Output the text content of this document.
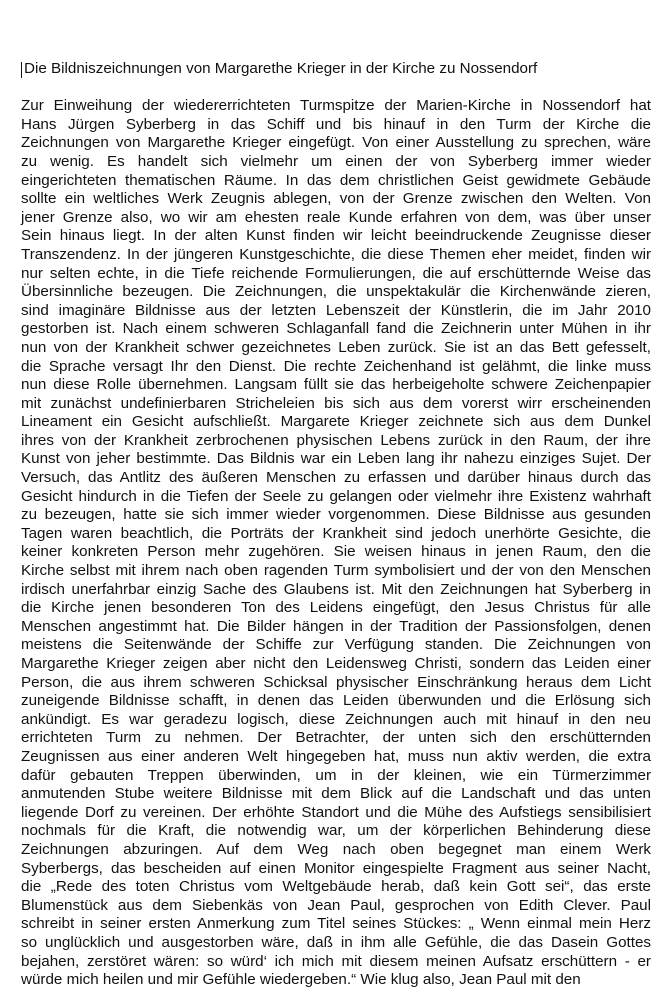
Die Bildniszeichnungen von Margarethe Krieger in der Kirche zu Nossendorf
Zur Einweihung der wiedererrichteten Turmspitze der Marien-Kirche in Nossendorf hat
Hans Jürgen Syberberg in das Schiff und bis hinauf in den Turm der Kirche die
Zeichnungen von Margarethe Krieger eingefügt. Von einer Ausstellung zu sprechen, wäre
zu wenig. Es handelt sich vielmehr um einen der von Syberberg immer wieder
eingerichteten thematischen Räume. In das dem christlichen Geist gewidmete Gebäude
sollte ein weltliches Werk Zeugnis ablegen, von der Grenze zwischen den Welten. Von
jener Grenze also, wo wir am ehesten reale Kunde erfahren von dem, was über unser
Sein hinaus liegt. In der alten Kunst finden wir leicht beeindruckende Zeugnisse dieser
Transzendenz. In der jüngeren Kunstgeschichte, die diese Themen eher meidet, finden wir
nur selten echte, in die Tiefe reichende Formulierungen, die auf erschütternde Weise das
Übersinnliche bezeugen. Die Zeichnungen, die unspektakulär die Kirchenwände zieren,
sind imaginäre Bildnisse aus der letzten Lebenszeit der Künstlerin, die im Jahr 2010
gestorben ist. Nach einem schweren Schlaganfall fand die Zeichnerin unter Mühen in ihr
nun von der Krankheit schwer gezeichnetes Leben zurück. Sie ist an das Bett gefesselt,
die Sprache versagt Ihr den Dienst. Die rechte Zeichenhand ist gelähmt, die linke muss
nun diese Rolle übernehmen. Langsam füllt sie das herbeigeholte schwere Zeichenpapier
mit zunächst undefinierbaren Stricheleien bis sich aus dem vorerst wirr erscheinenden
Lineament ein Gesicht aufschließt. Margarete Krieger zeichnete sich aus dem Dunkel
ihres von der Krankheit zerbrochenen physischen Lebens zurück in den Raum, der ihre
Kunst von jeher bestimmte. Das Bildnis war ein Leben lang ihr nahezu einziges Sujet. Der
Versuch, das Antlitz des äußeren Menschen zu erfassen und darüber hinaus durch das
Gesicht hindurch in die Tiefen der Seele zu gelangen oder vielmehr ihre Existenz wahrhaft
zu bezeugen, hatte sie sich immer wieder vorgenommen. Diese Bildnisse aus gesunden
Tagen waren beachtlich, die Porträts der Krankheit sind jedoch unerhörte Gesichte, die
keiner konkreten Person mehr zugehören. Sie weisen hinaus in jenen Raum, den die
Kirche selbst mit ihrem nach oben ragenden Turm symbolisiert und der von den Menschen
irdisch unerfahrbar einzig Sache des Glaubens ist. Mit den Zeichnungen hat Syberberg in
die Kirche jenen besonderen Ton des Leidens eingefügt, den Jesus Christus für alle
Menschen angestimmt hat. Die Bilder hängen in der Tradition der Passionsfolgen, denen
meistens die Seitenwände der Schiffe zur Verfügung standen. Die Zeichnungen von
Margarethe Krieger zeigen aber nicht den Leidensweg Christi, sondern das Leiden einer
Person, die aus ihrem schweren Schicksal physischer Einschränkung heraus dem Licht
zuneigende Bildnisse schafft, in denen das Leiden überwunden und die Erlösung sich
ankündigt. Es war geradezu logisch, diese Zeichnungen auch mit hinauf in den neu
errichteten Turm zu nehmen. Der Betrachter, der unten sich den erschütternden
Zeugnissen aus einer anderen Welt hingegeben hat, muss nun aktiv werden, die extra
dafür gebauten Treppen überwinden, um in der kleinen, wie ein Türmerzimmer
anmutenden Stube weitere Bildnisse mit dem Blick auf die Landschaft und das unten
liegende Dorf zu vereinen. Der erhöhte Standort und die Mühe des Aufstiegs sensibilisiert
nochmals für die Kraft, die notwendig war, um der körperlichen Behinderung diese
Zeichnungen abzuringen. Auf dem Weg nach oben begegnet man einem Werk
Syberbergs, das bescheiden auf einen Monitor eingespielte Fragment aus seiner Nacht,
die „Rede des toten Christus vom Weltgebäude herab, daß kein Gott sei“, das erste
Blumenstück aus dem Siebenkäs von Jean Paul, gesprochen von Edith Clever. Paul
schreibt in seiner ersten Anmerkung zum Titel seines Stückes: „ Wenn einmal mein Herz
so unglücklich und ausgestorben wäre, daß in ihm alle Gefühle, die das Dasein Gottes
bejahen, zerstöret wären: so würd‘ ich mich mit diesem meinen Aufsatz erschüttern - er
würde mich heilen und mir Gefühle wiedergeben.“ Wie klug also, Jean Paul mit den
